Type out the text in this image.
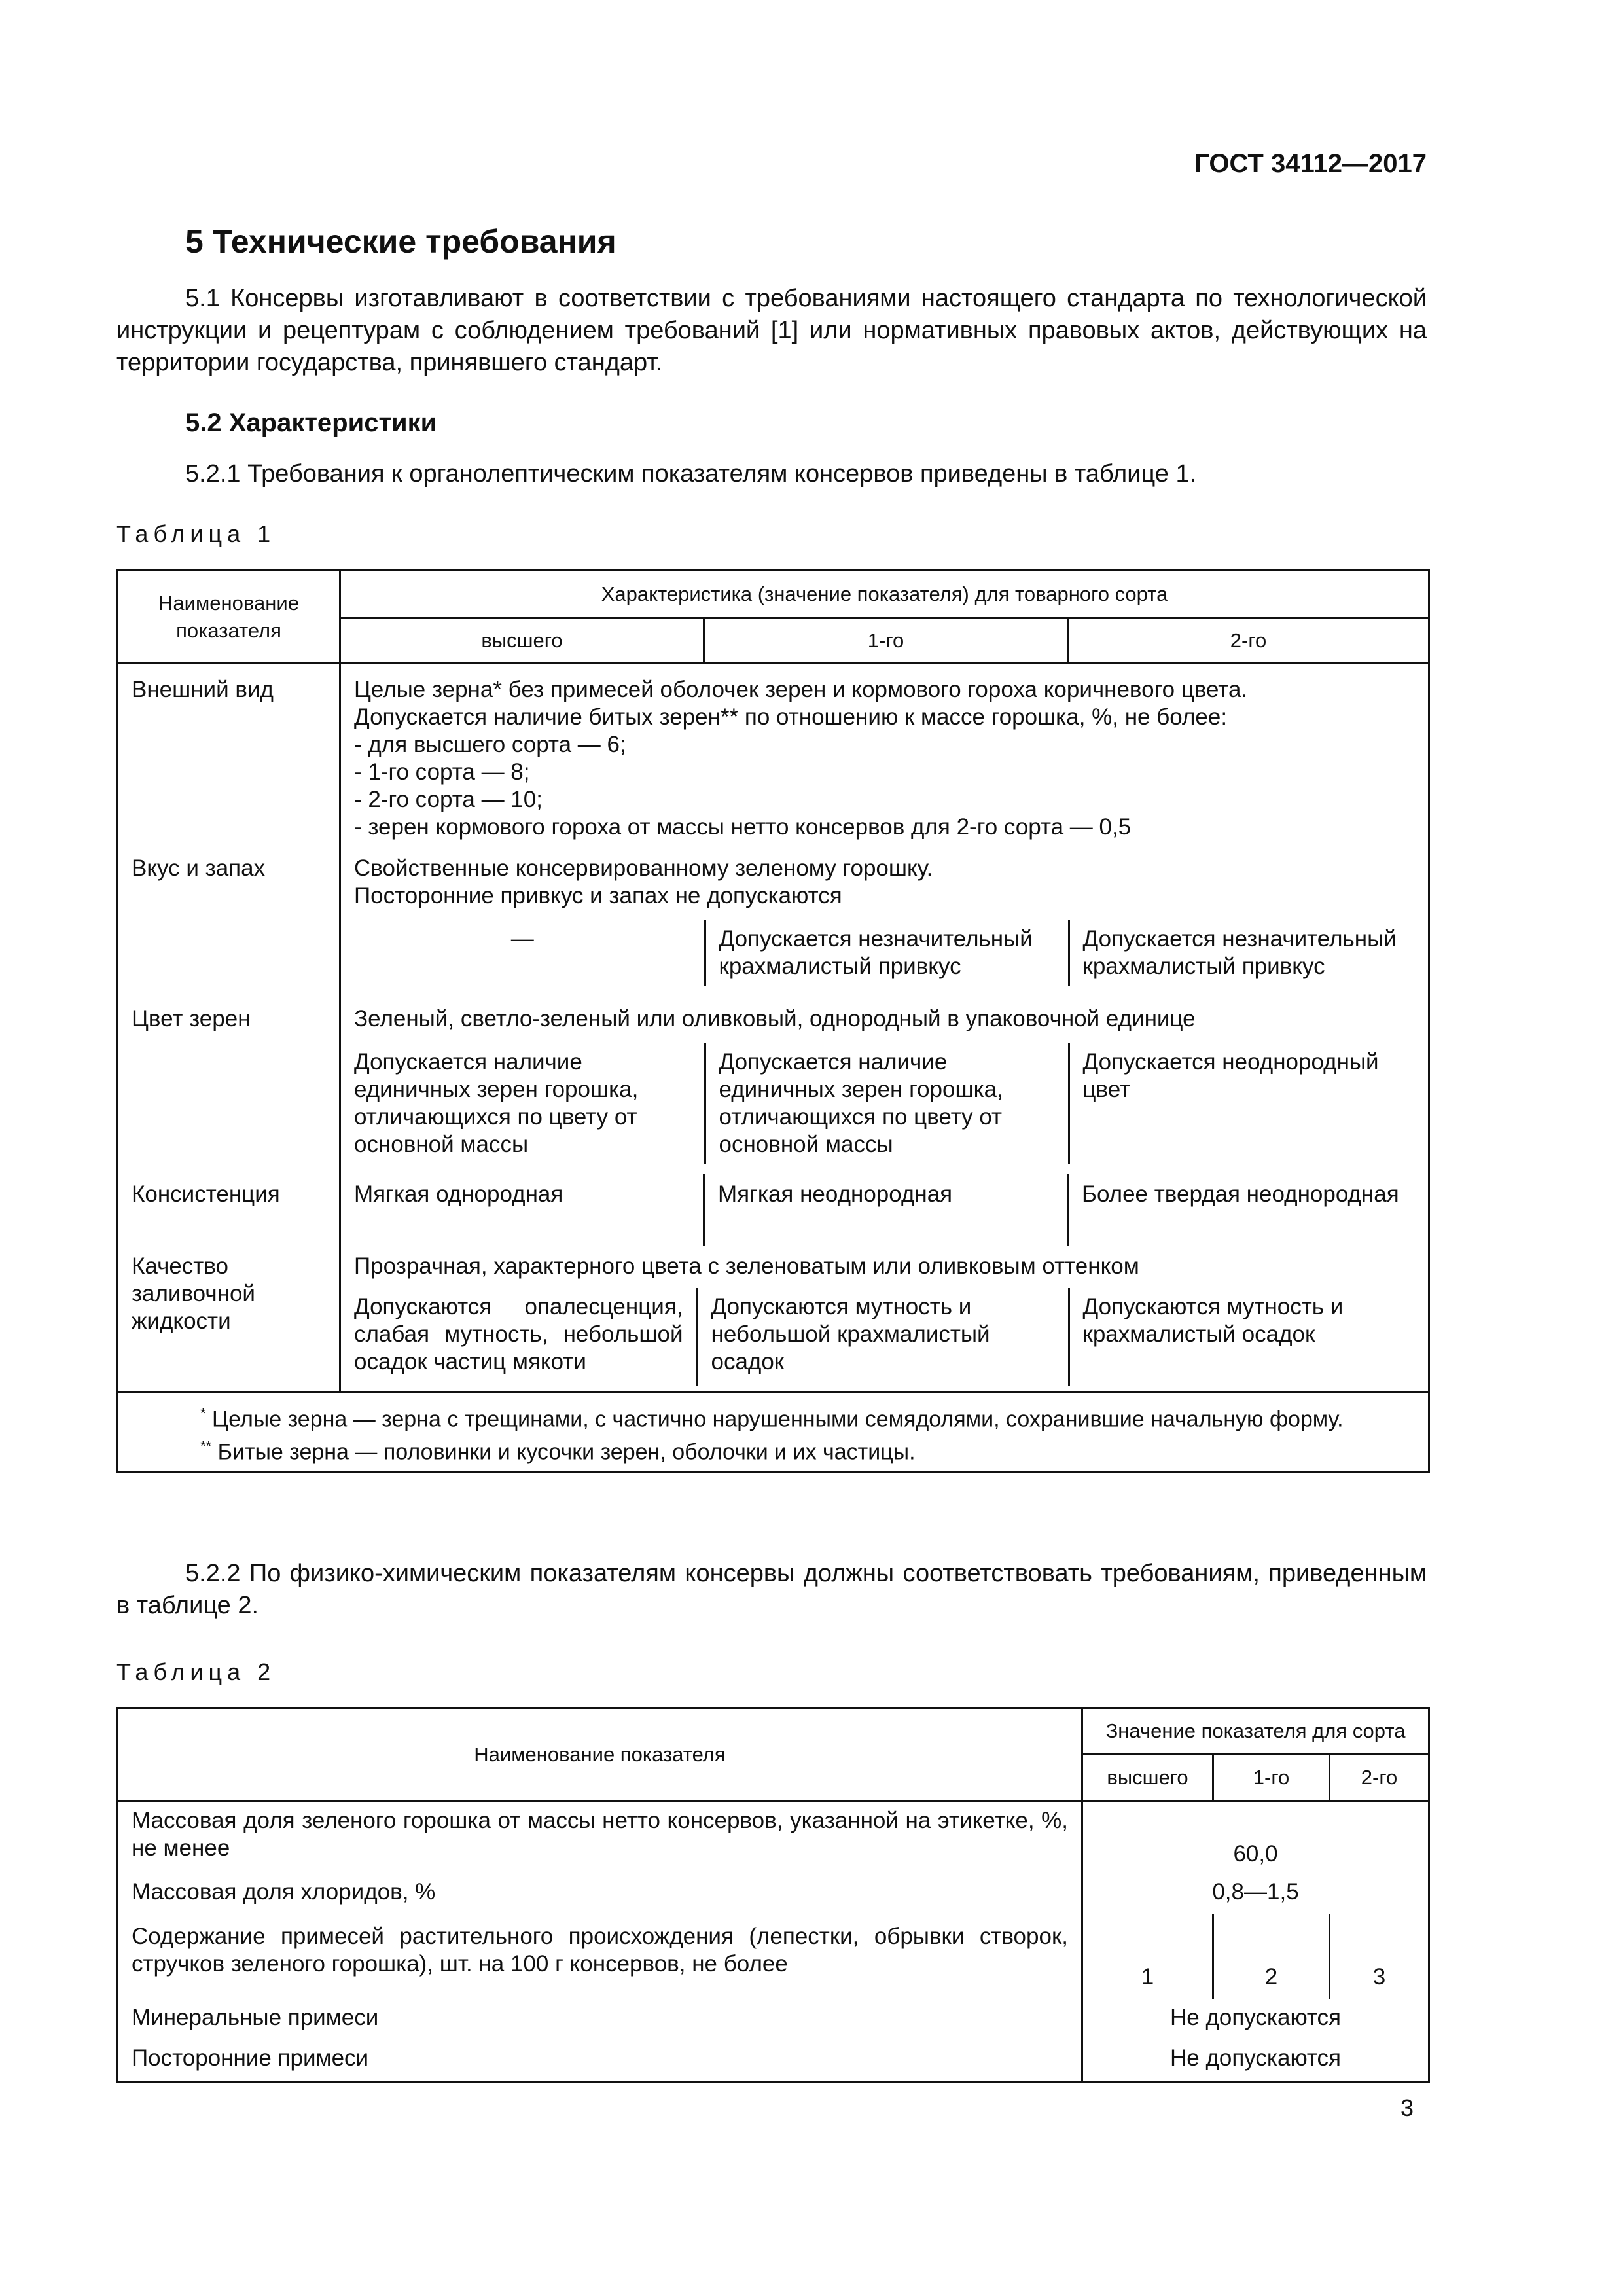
ГОСТ 34112—2017
5 Технические требования
5.1 Консервы изготавливают в соответствии с требованиями настоящего стандарта по технологической инструкции и рецептурам с соблюдением требований [1] или нормативных правовых актов, действующих на территории государства, принявшего стандарт.
5.2 Характеристики
5.2.1 Требования к органолептическим показателям консервов приведены в таблице 1.
Таблица 1
Наименование показателя	Характеристика (значение показателя) для товарного сорта
высшего	1-го	2-го
Внешний вид	Целые зерна* без примесей оболочек зерен и кормового гороха коричневого цвета.
Допускается наличие битых зерен** по отношению к массе горошка, %, не более:
- для высшего сорта — 6;
- 1-го сорта — 8;
- 2-го сорта — 10;
- зерен кормового гороха от массы нетто консервов для 2-го сорта — 0,5

Вкус и запах	Свойственные консервированному зеленому горошку.
Посторонние привкус и запах не допускаются
—	Допускается незначительный крахмалистый привкус	Допускается незначительный крахмалистый привкус

Цвет зерен	Зеленый, светло-зеленый или оливковый, однородный в упаковочной единице
Допускается наличие единичных зерен горошка, отличающихся по цвету от основной массы	Допускается наличие единичных зерен горошка, отличающихся по цвету от основной массы	Допускается неоднородный цвет

Консистенция	Мягкая однородная	Мягкая неоднородная	Более твердая неоднородная
Качество заливочной жидкости	
Прозрачная, характерного цвета с зеленоватым или оливковым оттенком
Допускаются опалесценция, слабая мутность, небольшой осадок частиц мякоти	Допускаются мутность и небольшой крахмалистый осадок	Допускаются мутность и крахмалистый осадок

* Целые зерна — зерна с трещинами, с частично нарушенными семядолями, сохранившие начальную форму.
** Битые зерна — половинки и кусочки зерен, оболочки и их частицы.
5.2.2 По физико-химическим показателям консервы должны соответствовать требованиям, приведенным в таблице 2.
Таблица 2
Наименование показателя	Значение показателя для сорта		
	высшего	1-го	2-го
Массовая доля зеленого горошка от массы нетто консервов, указанной на этикетке, %, не менее	60,0		
Массовая доля хлоридов, %	0,8—1,5		
Содержание примесей растительного происхождения (лепестки, обрывки створок, стручков зеленого горошка), шт. на 100 г консервов, не более	1	2	3
Минеральные примеси	Не допускаются		
Посторонние примеси	Не допускаются		
3
